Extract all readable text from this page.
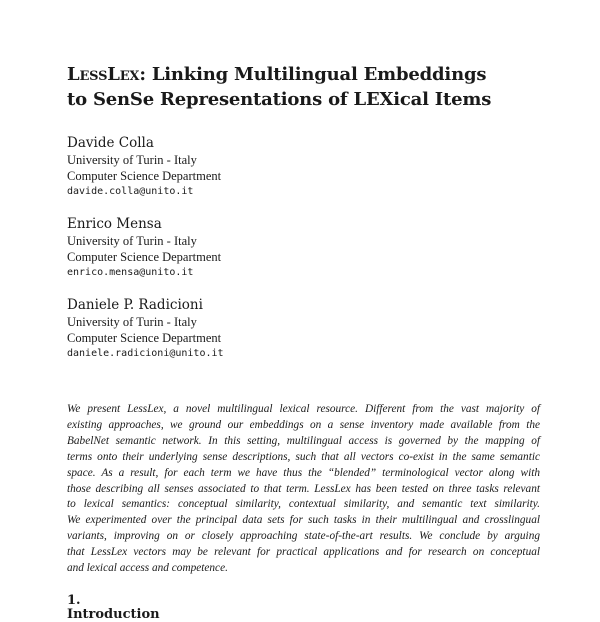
LessLex: Linking Multilingual Embeddings
to SenSe Representations of LEXical Items
Davide Colla
University of Turin - Italy
Computer Science Department
davide.colla@unito.it
Enrico Mensa
University of Turin - Italy
Computer Science Department
enrico.mensa@unito.it
Daniele P. Radicioni
University of Turin - Italy
Computer Science Department
daniele.radicioni@unito.it
We present LessLex, a novel multilingual lexical resource. Different from the vast majority of
existing approaches, we ground our embeddings on a sense inventory made available from the
BabelNet semantic network. In this setting, multilingual access is governed by the mapping of
terms onto their underlying sense descriptions, such that all vectors co-exist in the same semantic
space. As a result, for each term we have thus the “blended” terminological vector along with
those describing all senses associated to that term. LessLex has been tested on three tasks relevant
to lexical semantics: conceptual similarity, contextual similarity, and semantic text similarity.
We experimented over the principal data sets for such tasks in their multilingual and crosslingual
variants, improving on or closely approaching state-of-the-art results. We conclude by arguing
that LessLex vectors may be relevant for practical applications and for research on conceptual
and lexical access and competence.
1. Introduction
